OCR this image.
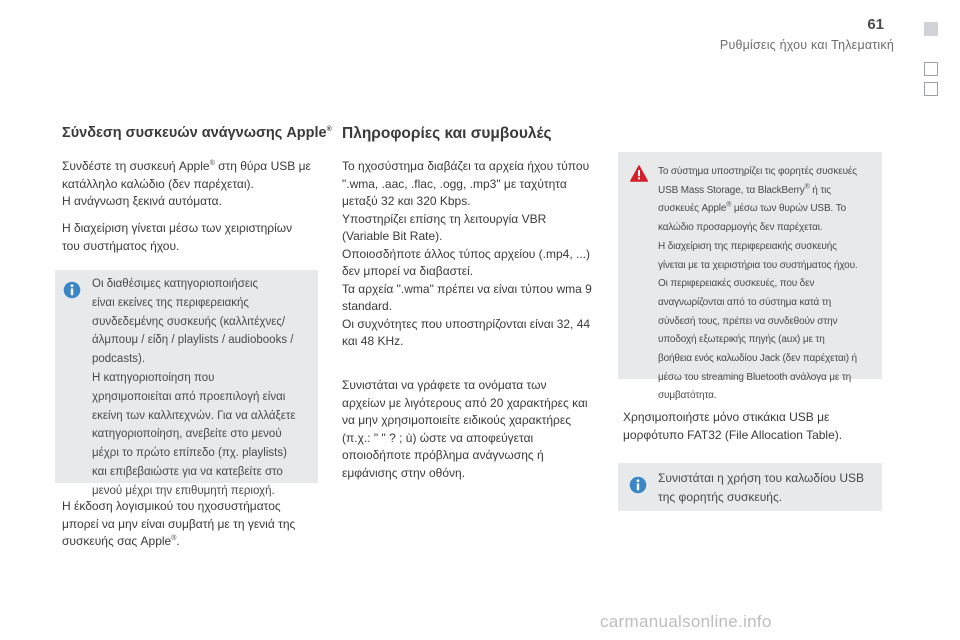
61
Ρυθμίσεις ήχου και Τηλεματική
Σύνδεση συσκευών ανάγνωσης Apple®
Συνδέστε τη συσκευή Apple® στη θύρα USB με
κατάλληλο καλώδιο (δεν παρέχεται).
Η ανάγνωση ξεκινά αυτόματα.
Η διαχείριση γίνεται μέσω των χειριστηρίων
του συστήματος ήχου.
Οι διαθέσιμες κατηγοριοποιήσεις
είναι εκείνες της περιφερειακής
συνδεδεμένης συσκευής (καλλιτέχνες/
άλμπουμ / είδη / playlists / audiobooks /
podcasts).
Η κατηγοριοποίηση που
χρησιμοποιείται από προεπιλογή είναι
εκείνη των καλλιτεχνών. Για να αλλάξετε
κατηγοριοποίηση, ανεβείτε στο μενού
μέχρι το πρώτο επίπεδο (πχ. playlists)
και επιβεβαιώστε για να κατεβείτε στο
μενού μέχρι την επιθυμητή περιοχή.
Η έκδοση λογισμικού του ηχοσυστήματος
μπορεί να μην είναι συμβατή με τη γενιά της
συσκευής σας Apple®.
Πληροφορίες και συμβουλές
Το ηχοσύστημα διαβάζει τα αρχεία ήχου τύπου
".wma, .aac, .flac, .ogg, .mp3" με ταχύτητα
μεταξύ 32 και 320 Kbps.
Υποστηρίζει επίσης τη λειτουργία VBR
(Variable Bit Rate).
Οποιοσδήποτε άλλος τύπος αρχείου (.mp4, ...)
δεν μπορεί να διαβαστεί.
Τα αρχεία ".wma" πρέπει να είναι τύπου wma 9
standard.
Οι συχνότητες που υποστηρίζονται είναι 32, 44
και 48 KHz.
Συνιστάται να γράφετε τα ονόματα των
αρχείων με λιγότερους από 20 χαρακτήρες και
να μην χρησιμοποιείτε ειδικούς χαρακτήρες
(π.χ.: " " ? ; ù) ώστε να αποφεύγεται
οποιοδήποτε πρόβλημα ανάγνωσης ή
εμφάνισης στην οθόνη.
Το σύστημα υποστηρίζει τις φορητές συσκευές
USB Mass Storage, τα BlackBerry® ή τις
συσκευές Apple® μέσω των θυρών USB. Το
καλώδιο προσαρμογής δεν παρέχεται.
Η διαχείριση της περιφερειακής συσκευής
γίνεται με τα χειριστήρια του συστήματος ήχου.
Οι περιφερειακές συσκευές, που δεν
αναγνωρίζονται από το σύστημα κατά τη
σύνδεσή τους, πρέπει να συνδεθούν στην
υποδοχή εξωτερικής πηγής (aux) με τη
βοήθεια ενός καλωδίου Jack (δεν παρέχεται) ή
μέσω του streaming Bluetooth ανάλογα με τη
συμβατότητα.
Χρησιμοποιήστε μόνο στικάκια USB με
μορφότυπο FAT32 (File Allocation Table).
Συνιστάται η χρήση του καλωδίου USB
της φορητής συσκευής.
carmanualsonline.info
